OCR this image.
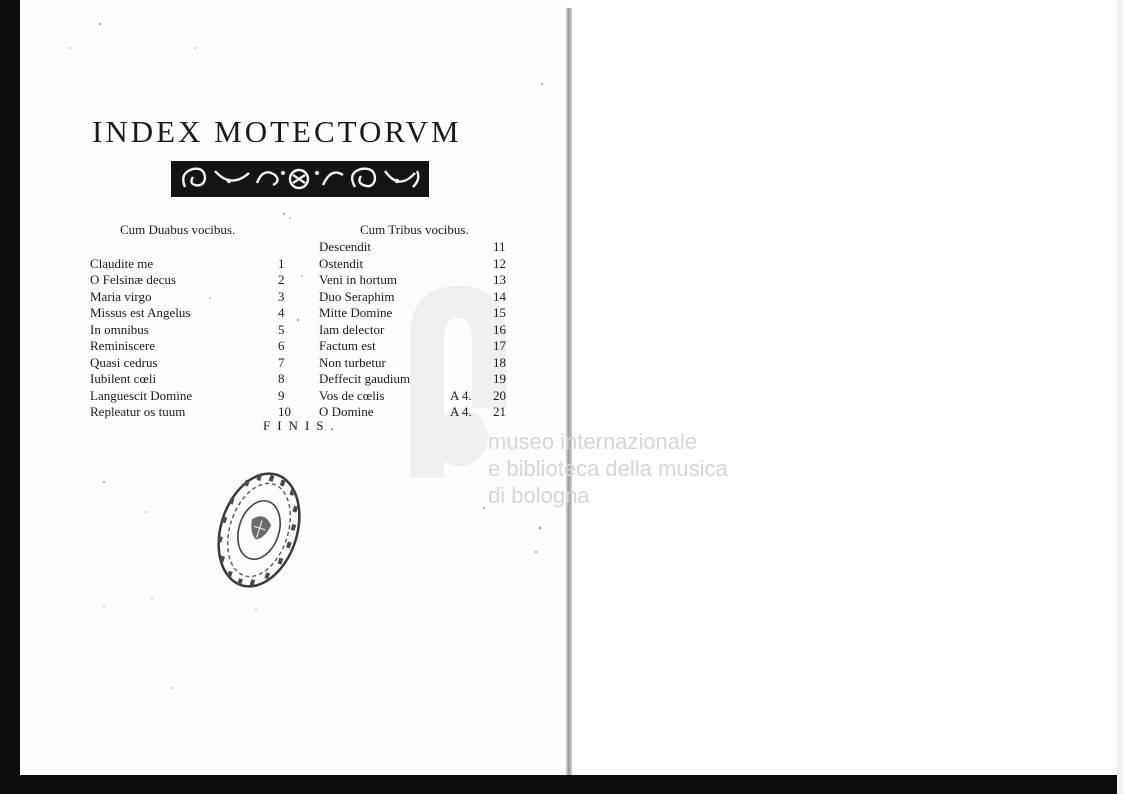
museo internazionale
e biblioteca della musica
di bologna
INDEX MOTECTORVM
Cum Duabus vocibus.	Cum Tribus vocibus.
Claudite me	1
O Felsinæ decus	2
Maria virgo	3
Missus est Angelus	4
In omnibus	5
Reminiscere	6
Quasi cedrus	7
Iubilent cœli	8
Languescit Domine	9
Repleatur os tuum	10
Descendit	11
Ostendit	12
Veni in hortum	13
Duo Seraphim	14
Mitte Domine	15
Iam delector	16
Factum est	17
Non turbetur	18
Deffecit gaudium	19
Vos de cœlis	A 4. 20
O Domine	A 4. 21
FINIS.
